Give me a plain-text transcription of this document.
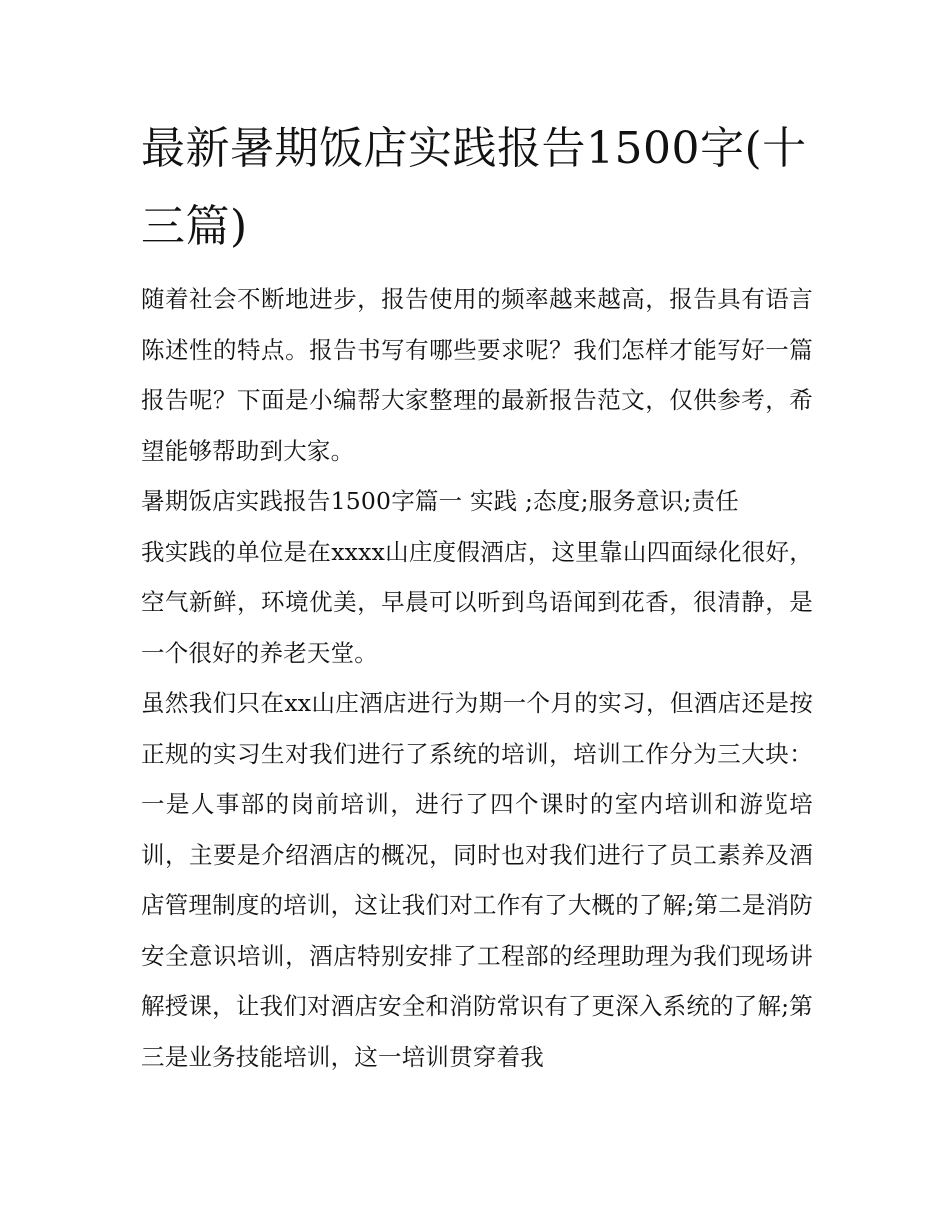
最新暑期饭店实践报告1500字(十三篇)

随着社会不断地进步，报告使用的频率越来越高，报告具有语言陈述性的特点。报告书写有哪些要求呢？我们怎样才能写好一篇报告呢？下面是小编帮大家整理的最新报告范文，仅供参考，希望能够帮助到大家。

暑期饭店实践报告1500字篇一 实践 ;态度;服务意识;责任

我实践的单位是在xxxx山庄度假酒店，这里靠山四面绿化很好，空气新鲜，环境优美，早晨可以听到鸟语闻到花香，很清静，是一个很好的养老天堂。

虽然我们只在xx山庄酒店进行为期一个月的实习，但酒店还是按正规的实习生对我们进行了系统的培训，培训工作分为三大块：一是人事部的岗前培训，进行了四个课时的室内培训和游览培训，主要是介绍酒店的概况，同时也对我们进行了员工素养及酒店管理制度的培训，这让我们对工作有了大概的了解;第二是消防安全意识培训，酒店特别安排了工程部的经理助理为我们现场讲解授课，让我们对酒店安全和消防常识有了更深入系统的了解;第三是业务技能培训，这一培训贯穿着我
